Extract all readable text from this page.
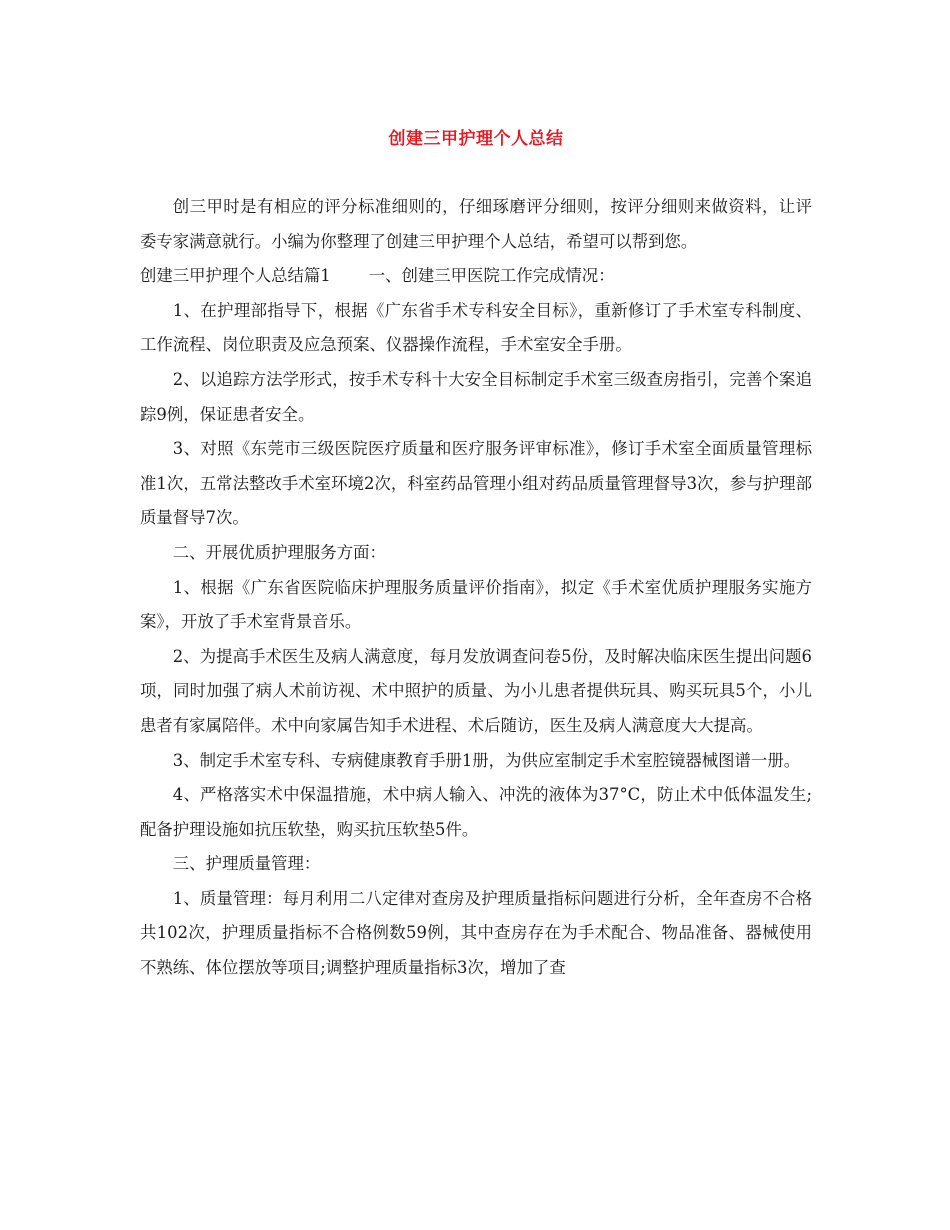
创建三甲护理个人总结

创三甲时是有相应的评分标准细则的，仔细琢磨评分细则，按评分细则来做资料，让评委专家满意就行。小编为你整理了创建三甲护理个人总结，希望可以帮到您。

创建三甲护理个人总结篇1 一、创建三甲医院工作完成情况：

1、在护理部指导下，根据《广东省手术专科安全目标》，重新修订了手术室专科制度、工作流程、岗位职责及应急预案、仪器操作流程，手术室安全手册。

2、以追踪方法学形式，按手术专科十大安全目标制定手术室三级查房指引，完善个案追踪9例，保证患者安全。

3、对照《东莞市三级医院医疗质量和医疗服务评审标准》，修订手术室全面质量管理标准1次，五常法整改手术室环境2次，科室药品管理小组对药品质量管理督导3次，参与护理部质量督导7次。

二、开展优质护理服务方面：

1、根据《广东省医院临床护理服务质量评价指南》，拟定《手术室优质护理服务实施方案》，开放了手术室背景音乐。

2、为提高手术医生及病人满意度，每月发放调查问卷5份，及时解决临床医生提出问题6项，同时加强了病人术前访视、术中照护的质量、为小儿患者提供玩具、购买玩具5个，小儿患者有家属陪伴。术中向家属告知手术进程、术后随访，医生及病人满意度大大提高。

3、制定手术室专科、专病健康教育手册1册，为供应室制定手术室腔镜器械图谱一册。

4、严格落实术中保温措施，术中病人输入、冲洗的液体为37°C，防止术中低体温发生;配备护理设施如抗压软垫，购买抗压软垫5件。

三、护理质量管理：

1、质量管理：每月利用二八定律对查房及护理质量指标问题进行分析，全年查房不合格共102次，护理质量指标不合格例数59例，其中查房存在为手术配合、物品准备、器械使用不熟练、体位摆放等项目;调整护理质量指标3次，增加了查
